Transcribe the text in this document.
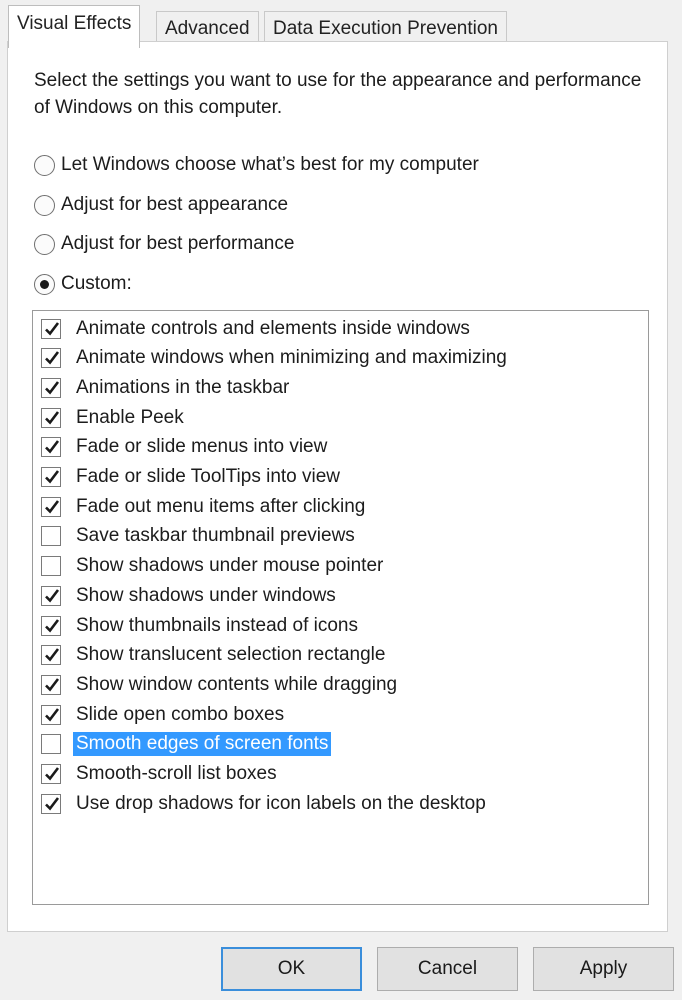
Advanced	Data Execution Prevention
Visual Effects

Select the settings you want to use for the appearance and performance of Windows on this computer.

Let Windows choose what’s best for my computer
Adjust for best appearance
Adjust for best performance
Custom:
Animate controls and elements inside windows
Animate windows when minimizing and maximizing
Animations in the taskbar
Enable Peek
Fade or slide menus into view
Fade or slide ToolTips into view
Fade out menu items after clicking
Save taskbar thumbnail previews
Show shadows under mouse pointer
Show shadows under windows
Show thumbnails instead of icons
Show translucent selection rectangle
Show window contents while dragging
Slide open combo boxes
Smooth edges of screen fonts
Smooth-scroll list boxes
Use drop shadows for icon labels on the desktop
OK	Cancel	Apply
